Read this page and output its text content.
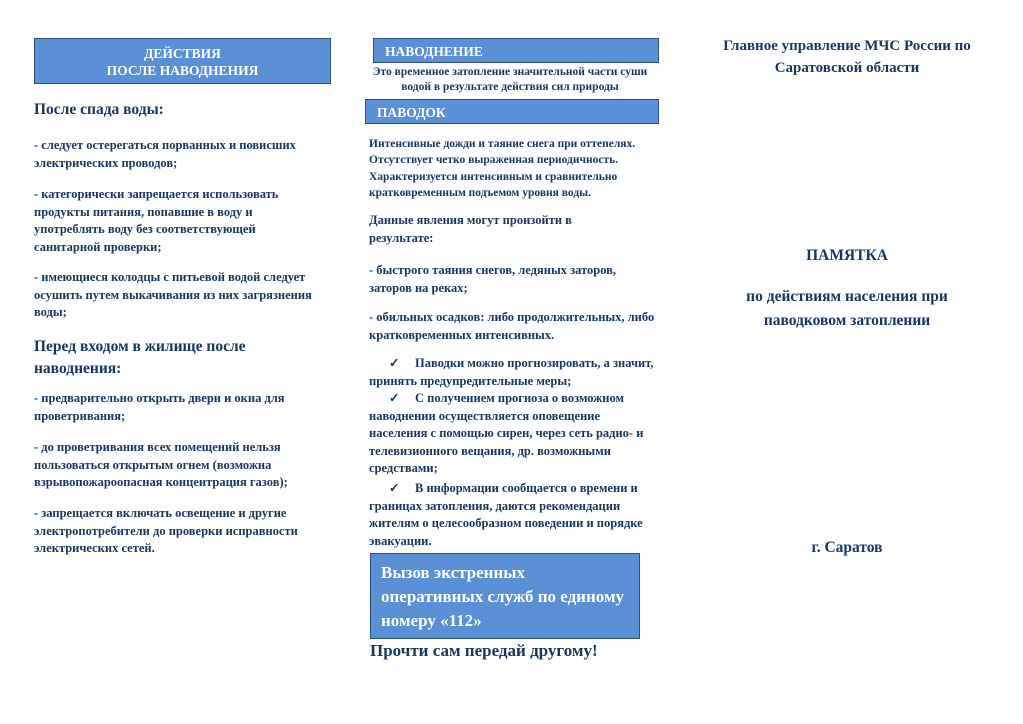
ДЕЙСТВИЯ
ПОСЛЕ НАВОДНЕНИЯ

После спада воды:

- следует остерегаться порванных и повисших электрических проводов;

- категорически запрещается использовать продукты питания, попавшие в воду и употреблять воду без соответствующей санитарной проверки;

- имеющиеся колодцы с питьевой водой следует осушить путем выкачивания из них загрязнения воды;

Перед входом в жилище после наводнения:

- предварительно открыть двери и окна для проветривания;

- до проветривания всех помещений нельзя пользоваться открытым огнем (возможна взрывопожароопасная концентрация газов);

- запрещается включать освещение и другие электропотребители до проверки исправности электрических сетей.

НАВОДНЕНИЕ

Это временное затопление значительной части суши водой в результате действия сил природы

ПАВОДОК

Интенсивные дожди и таяние снега при оттепелях. Отсутствует четко выраженная периодичность. Характеризуется интенсивным и сравнительно кратковременным подъемом уровня воды.

Данные явления могут произойти в результате:

- быстрого таяния снегов, ледяных заторов, заторов на реках;

- обильных осадков: либо продолжительных, либо кратковременных интенсивных.

✓ Паводки можно прогнозировать, а значит, принять предупредительные меры;

✓ С получением прогноза о возможном наводнении осуществляется оповещение населения с помощью сирен, через сеть радио- и телевизионного вещания, др. возможными средствами;

✓ В информации сообщается о времени и границах затопления, даются рекомендации жителям о целесообразном поведении и порядке эвакуации.

Вызов экстренных оперативных служб по единому номеру «112»

Прочти сам передай другому!

Главное управление МЧС России по Саратовской области

ПАМЯТКА

по действиям населения при паводковом затоплении

г. Саратов
